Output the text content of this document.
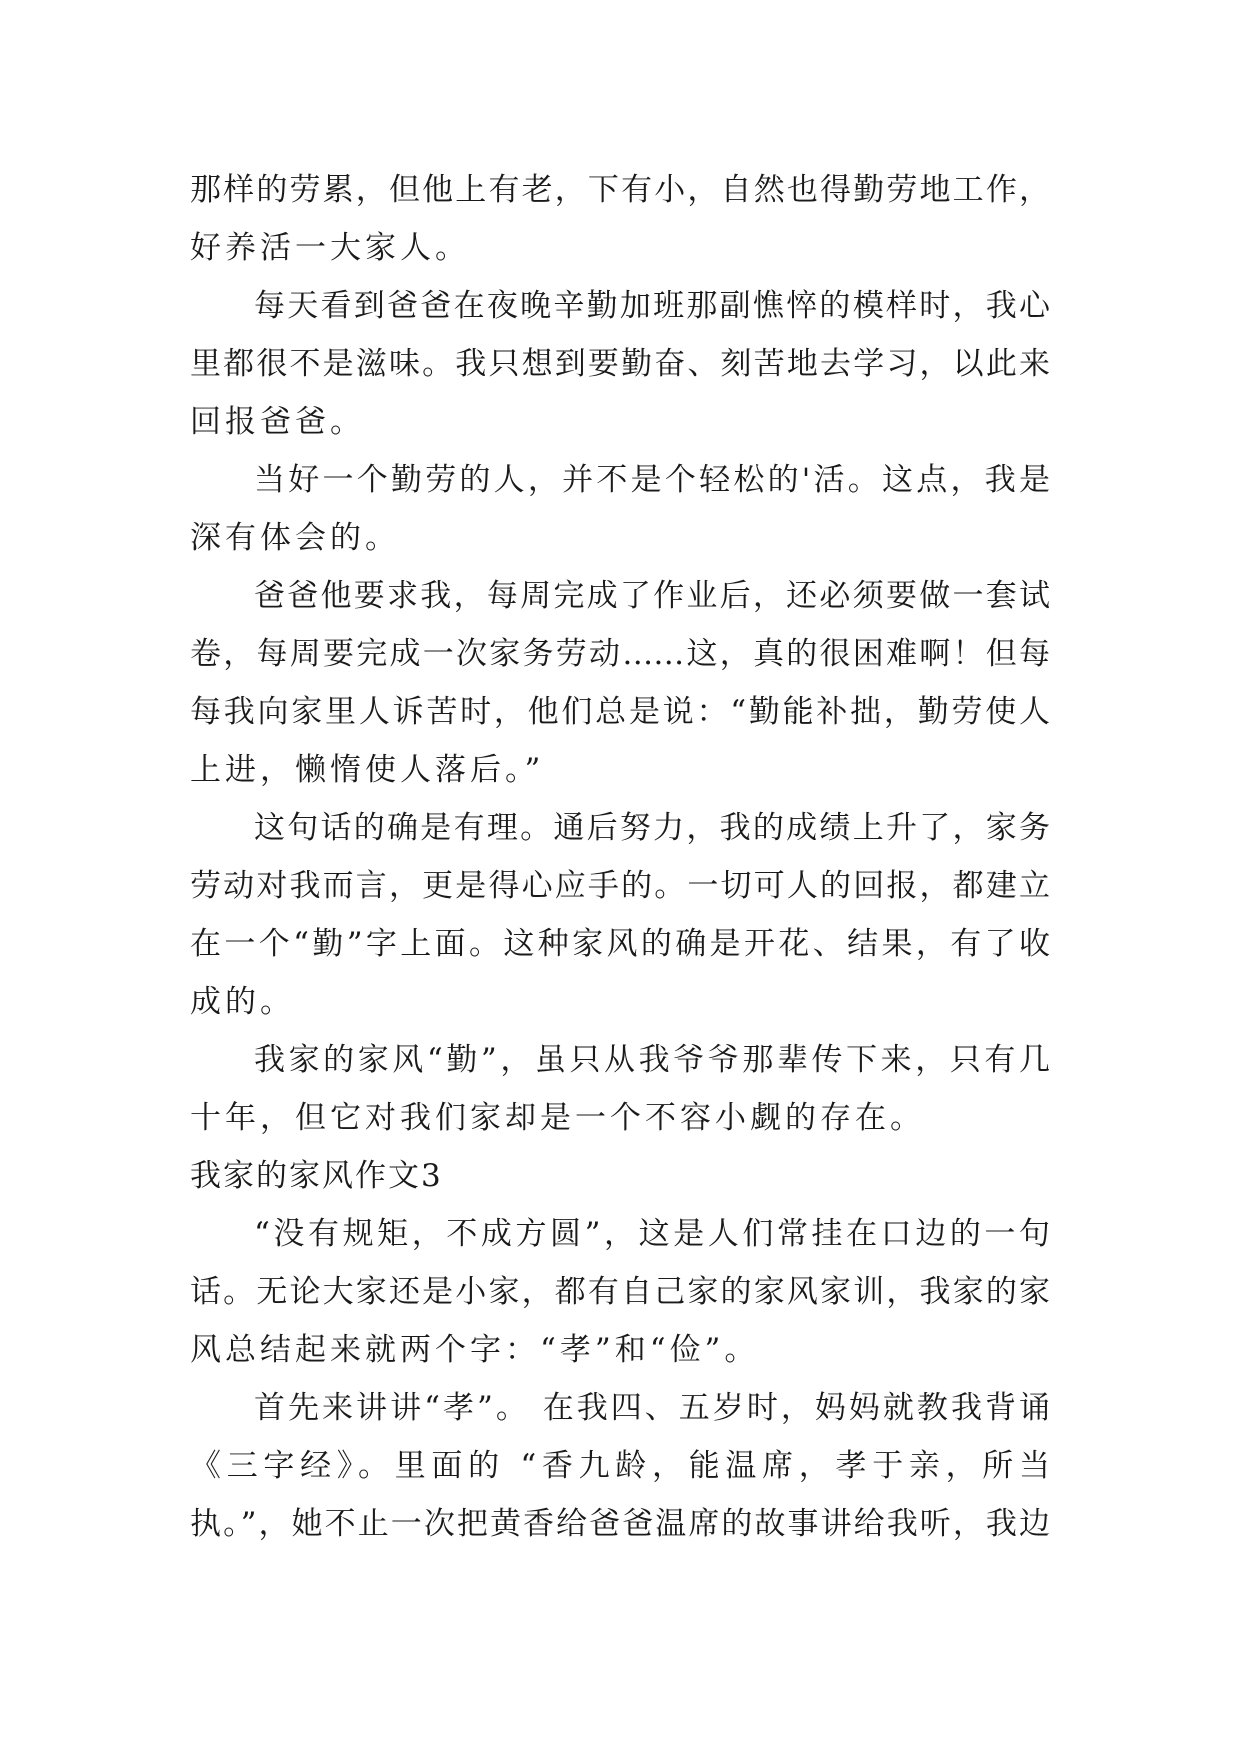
那样的劳累，但他上有老，下有小，自然也得勤劳地工作，
好养活一大家人。
每天看到爸爸在夜晚辛勤加班那副憔悴的模样时，我心
里都很不是滋味。我只想到要勤奋、刻苦地去学习，以此来
回报爸爸。
当好一个勤劳的人，并不是个轻松的'活。这点，我是
深有体会的。
爸爸他要求我，每周完成了作业后，还必须要做一套试
卷，每周要完成一次家务劳动……这，真的很困难啊！但每
每我向家里人诉苦时，他们总是说：“勤能补拙，勤劳使人
上进，懒惰使人落后。”
这句话的确是有理。通后努力，我的成绩上升了，家务
劳动对我而言，更是得心应手的。一切可人的回报，都建立
在一个“勤”字上面。这种家风的确是开花、结果，有了收
成的。
我家的家风“勤”，虽只从我爷爷那辈传下来，只有几
十年，但它对我们家却是一个不容小觑的存在。
我家的家风作文3
“没有规矩，不成方圆”，这是人们常挂在口边的一句
话。无论大家还是小家，都有自己家的家风家训，我家的家
风总结起来就两个字：“孝”和“俭”。
首先来讲讲“孝”。 在我四、五岁时，妈妈就教我背诵
《三字经》。里面的 “香九龄，能温席，孝于亲，所当
执。”，她不止一次把黄香给爸爸温席的故事讲给我听，我边
